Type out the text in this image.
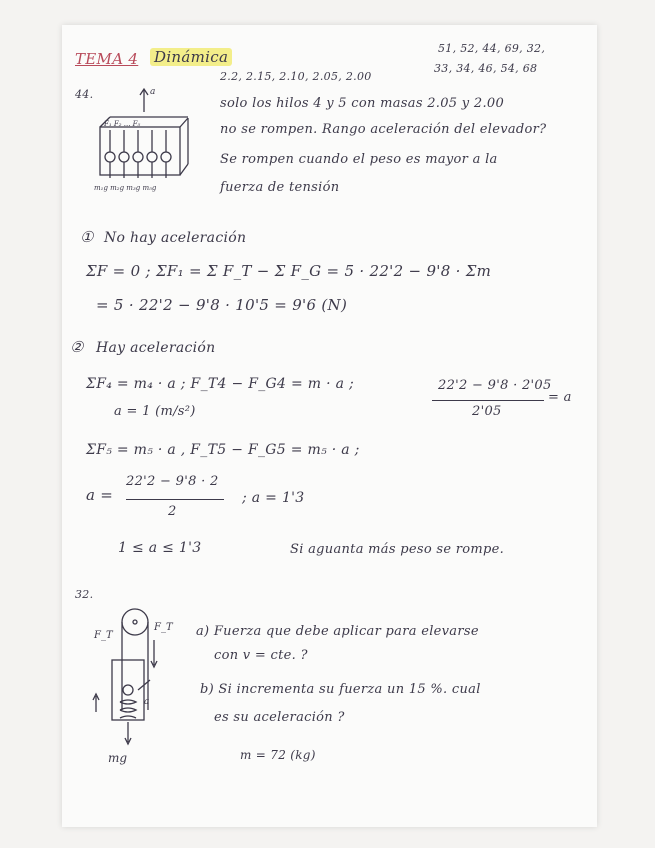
TEMA 4 Dinámica	51, 52, 44, 69, 32,
33, 34, 46, 54, 68
44.
2.2, 2.15, 2.10, 2.05, 2.00
solo los hilos 4 y 5 con masas 2.05 y 2.00
no se rompen. Rango aceleración del elevador?
Se rompen cuando el peso es mayor a la
fuerza de tensión
a
F₁ F₂ ... F₅
m₁g m₂g m₃g m₅g
① No hay aceleración
ΣF = 0 ; ΣF₁ = Σ F_T − Σ F_G = 5 · 22'2 − 9'8 · Σm
= 5 · 22'2 − 9'8 · 10'5 = 9'6 (N)
② Hay aceleración
ΣF₄ = m₄ · a ; F_T4 − F_G4 = m · a ;	22'2 − 9'8 · 2'05
2'05
= a
a = 1 (m/s²)
ΣF₅ = m₅ · a , F_T5 − F_G5 = m₅ · a ;
a =
22'2 − 9'8 · 2
2
; a = 1'3
1 ≤ a ≤ 1'3	Si aguanta más peso se rompe.
32.
F_T
F_T
a
mg
a) Fuerza que debe aplicar para elevarse
con v = cte. ?
b) Si incrementa su fuerza un 15 %. cual
es su aceleración ?
m = 72 (kg)
